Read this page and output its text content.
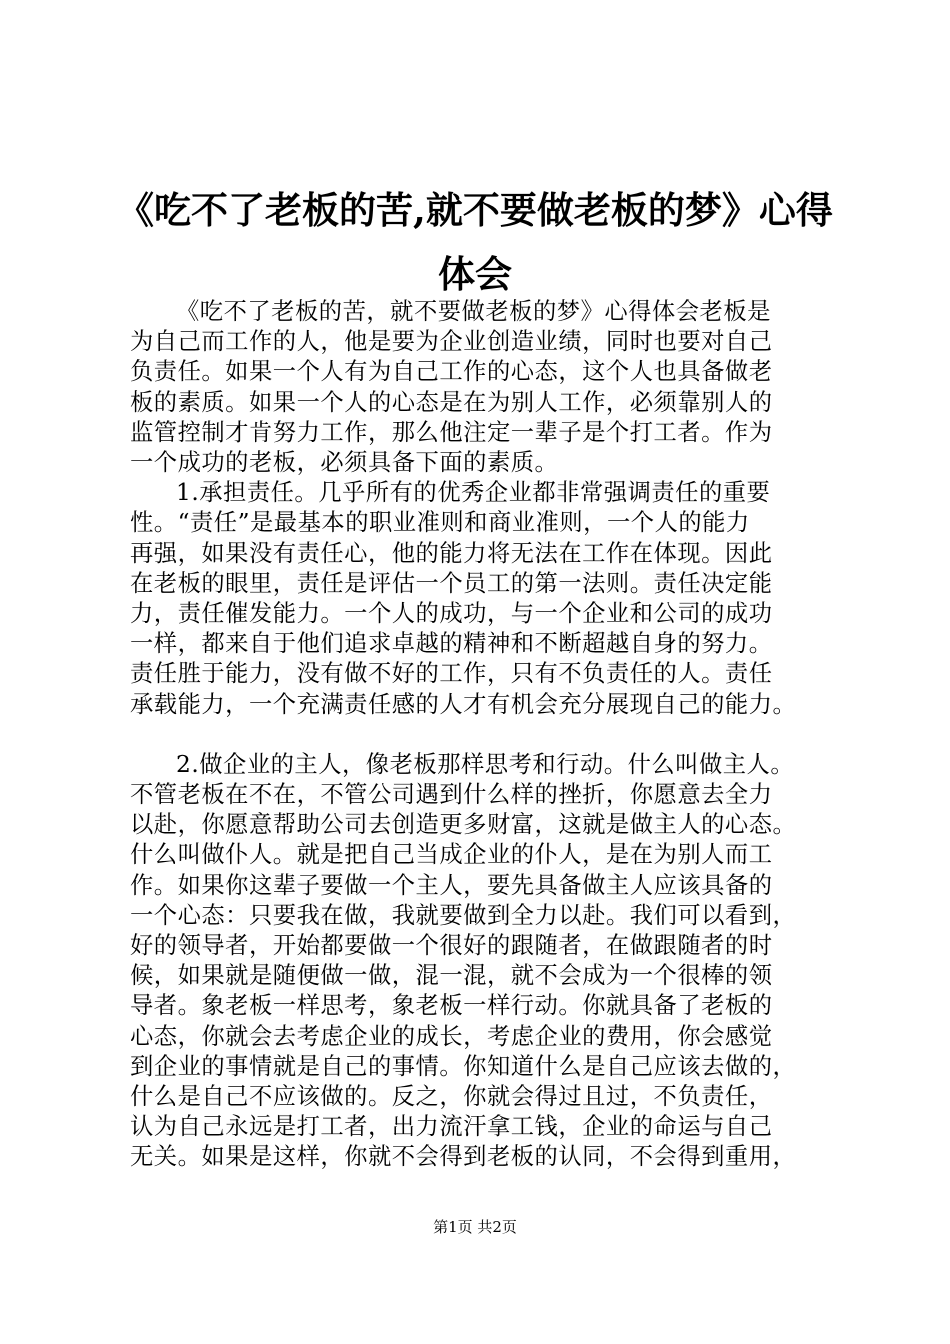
《吃不了老板的苦,就不要做老板的梦》心得
体会
《吃不了老板的苦，就不要做老板的梦》心得体会老板是
为自己而工作的人，他是要为企业创造业绩，同时也要对自己
负责任。如果一个人有为自己工作的心态，这个人也具备做老
板的素质。如果一个人的心态是在为别人工作，必须靠别人的
监管控制才肯努力工作，那么他注定一辈子是个打工者。作为
一个成功的老板，必须具备下面的素质。
1.承担责任。几乎所有的优秀企业都非常强调责任的重要
性。“责任”是最基本的职业准则和商业准则，一个人的能力
再强，如果没有责任心，他的能力将无法在工作在体现。因此
在老板的眼里，责任是评估一个员工的第一法则。责任决定能
力，责任催发能力。一个人的成功，与一个企业和公司的成功
一样，都来自于他们追求卓越的精神和不断超越自身的努力。
责任胜于能力，没有做不好的工作，只有不负责任的人。责任
承载能力，一个充满责任感的人才有机会充分展现自己的能力。
2.做企业的主人，像老板那样思考和行动。什么叫做主人。
不管老板在不在，不管公司遇到什么样的挫折，你愿意去全力
以赴，你愿意帮助公司去创造更多财富，这就是做主人的心态。
什么叫做仆人。就是把自己当成企业的仆人，是在为别人而工
作。如果你这辈子要做一个主人，要先具备做主人应该具备的
一个心态：只要我在做，我就要做到全力以赴。我们可以看到，
好的领导者，开始都要做一个很好的跟随者，在做跟随者的时
候，如果就是随便做一做，混一混，就不会成为一个很棒的领
导者。象老板一样思考，象老板一样行动。你就具备了老板的
心态，你就会去考虑企业的成长，考虑企业的费用，你会感觉
到企业的事情就是自己的事情。你知道什么是自己应该去做的，
什么是自己不应该做的。反之，你就会得过且过，不负责任，
认为自己永远是打工者，出力流汗拿工钱，企业的命运与自己
无关。如果是这样，你就不会得到老板的认同，不会得到重用，
第1页 共2页
